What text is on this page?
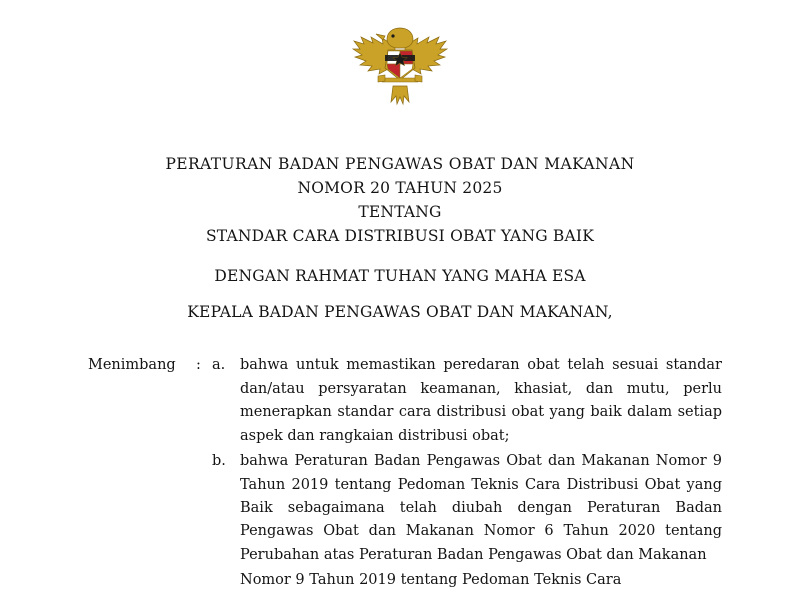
PERATURAN BADAN PENGAWAS OBAT DAN MAKANAN
NOMOR 20 TAHUN 2025
TENTANG
STANDAR CARA DISTRIBUSI OBAT YANG BAIK
DENGAN RAHMAT TUHAN YANG MAHA ESA
KEPALA BADAN PENGAWAS OBAT DAN MAKANAN,
Menimbang	: a.	bahwa untuk memastikan peredaran obat telah sesuai standar dan/atau persyaratan keamanan, khasiat, dan mutu, perlu menerapkan standar cara distribusi obat yang baik dalam setiap aspek dan rangkaian distribusi obat;
b. bahwa Peraturan Badan Pengawas Obat dan Makanan Nomor 9 Tahun 2019 tentang Pedoman Teknis Cara Distribusi Obat yang Baik sebagaimana telah diubah dengan Peraturan Badan Pengawas Obat dan Makanan Nomor 6 Tahun 2020 tentang Perubahan atas Peraturan Badan Pengawas Obat dan Makanan
Nomor 9 Tahun 2019 tentang Pedoman Teknis Cara
